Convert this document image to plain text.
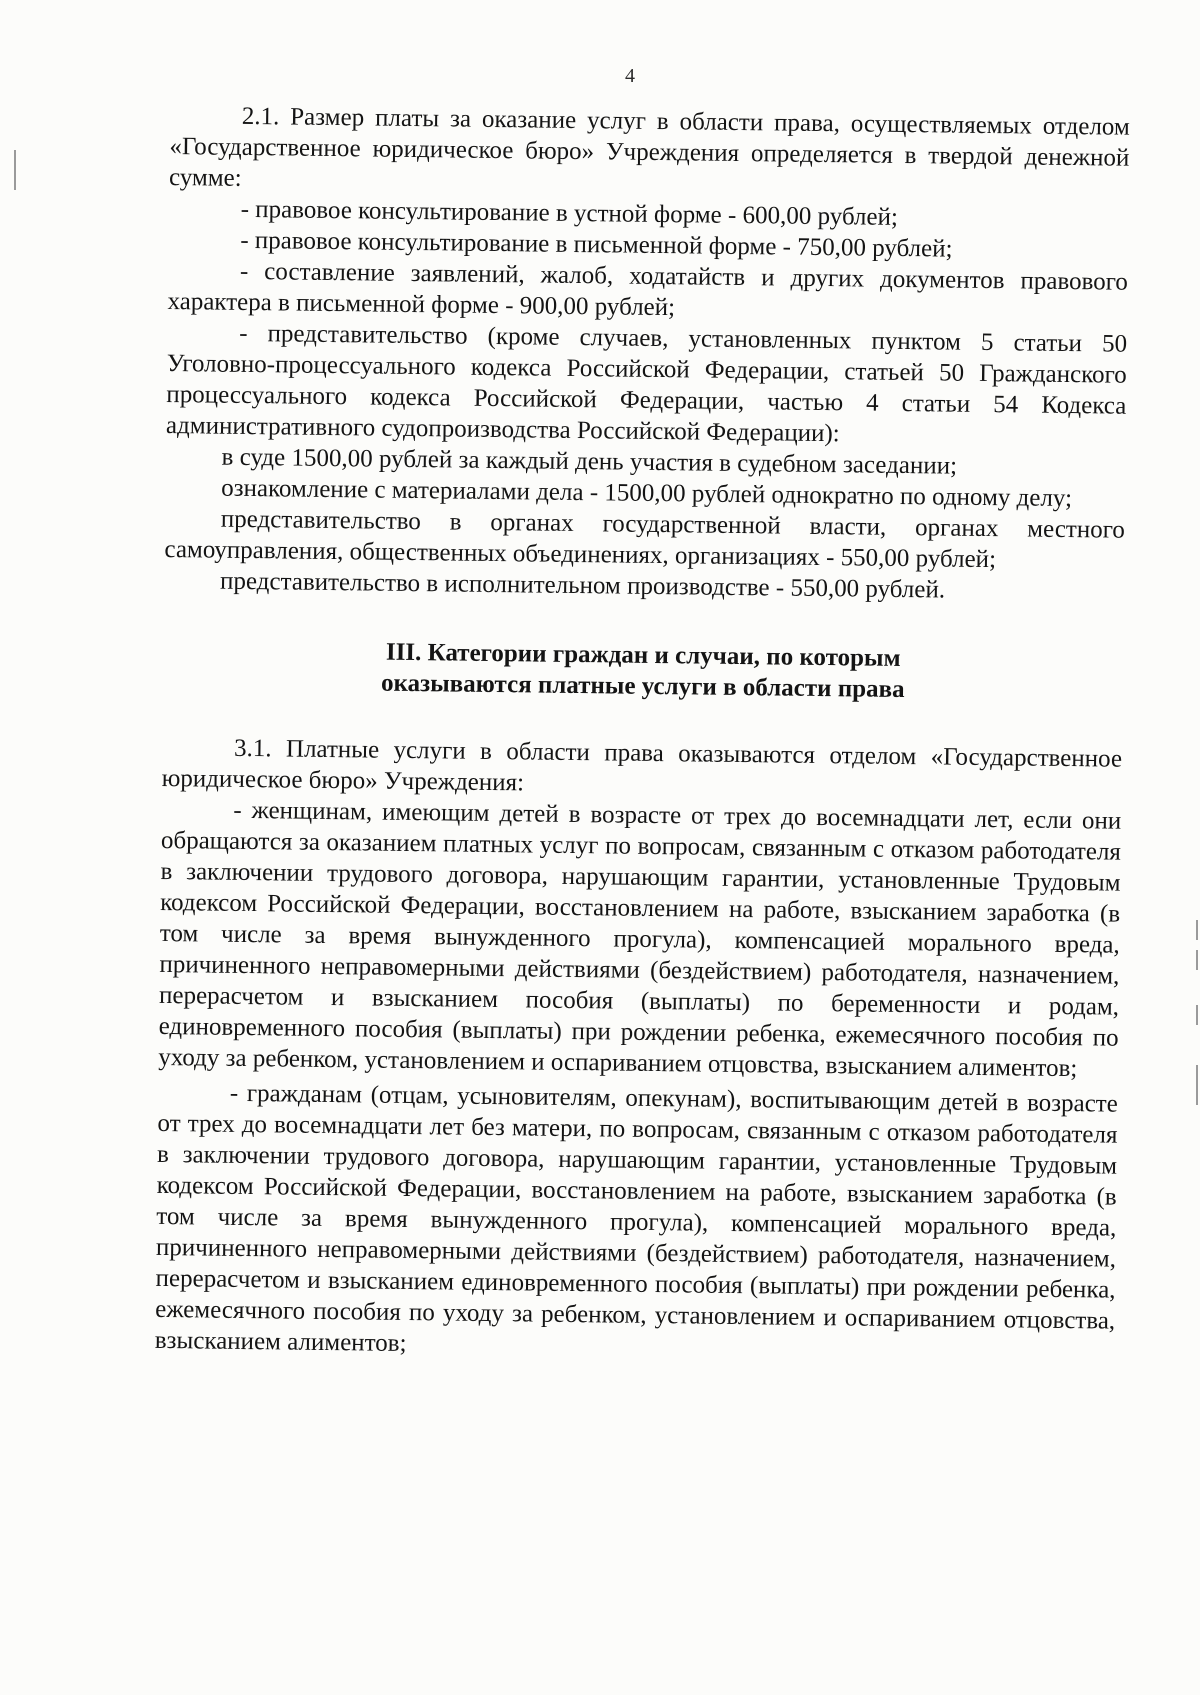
4

2.1. Размер платы за оказание услуг в области права, осуществляемых отделом «Государственное юридическое бюро» Учреждения определяется в твердой денежной сумме:

- правовое консультирование в устной форме - 600,00 рублей;

- правовое консультирование в письменной форме - 750,00 рублей;

- составление заявлений, жалоб, ходатайств и других документов правового характера в письменной форме - 900,00 рублей;

- представительство (кроме случаев, установленных пунктом 5 статьи 50 Уголовно-процессуального кодекса Российской Федерации, статьей 50 Гражданского процессуального кодекса Российской Федерации, частью 4 статьи 54 Кодекса административного судопроизводства Российской Федерации):

в суде 1500,00 рублей за каждый день участия в судебном заседании;

ознакомление с материалами дела - 1500,00 рублей однократно по одному делу;

представительство в органах государственной власти, органах местного самоуправления, общественных объединениях, организациях - 550,00 рублей;

представительство в исполнительном производстве - 550,00 рублей.

III. Категории граждан и случаи, по которым
оказываются платные услуги в области права

3.1. Платные услуги в области права оказываются отделом «Государственное юридическое бюро» Учреждения:

- женщинам, имеющим детей в возрасте от трех до восемнадцати лет, если они обращаются за оказанием платных услуг по вопросам, связанным с отказом работодателя в заключении трудового договора, нарушающим гарантии, установленные Трудовым кодексом Российской Федерации, восстановлением на работе, взысканием заработка (в том числе за время вынужденного прогула), компенсацией морального вреда, причиненного неправомерными действиями (бездействием) работодателя, назначением, перерасчетом и взысканием пособия (выплаты) по беременности и родам, единовременного пособия (выплаты) при рождении ребенка, ежемесячного пособия по уходу за ребенком, установлением и оспариванием отцовства, взысканием алиментов;

- гражданам (отцам, усыновителям, опекунам), воспитывающим детей в возрасте от трех до восемнадцати лет без матери, по вопросам, связанным с отказом работодателя в заключении трудового договора, нарушающим гарантии, установленные Трудовым кодексом Российской Федерации, восстановлением на работе, взысканием заработка (в том числе за время вынужденного прогула), компенсацией морального вреда, причиненного неправомерными действиями (бездействием) работодателя, назначением, перерасчетом и взысканием единовременного пособия (выплаты) при рождении ребенка, ежемесячного пособия по уходу за ребенком, установлением и оспариванием отцовства, взысканием алиментов;
